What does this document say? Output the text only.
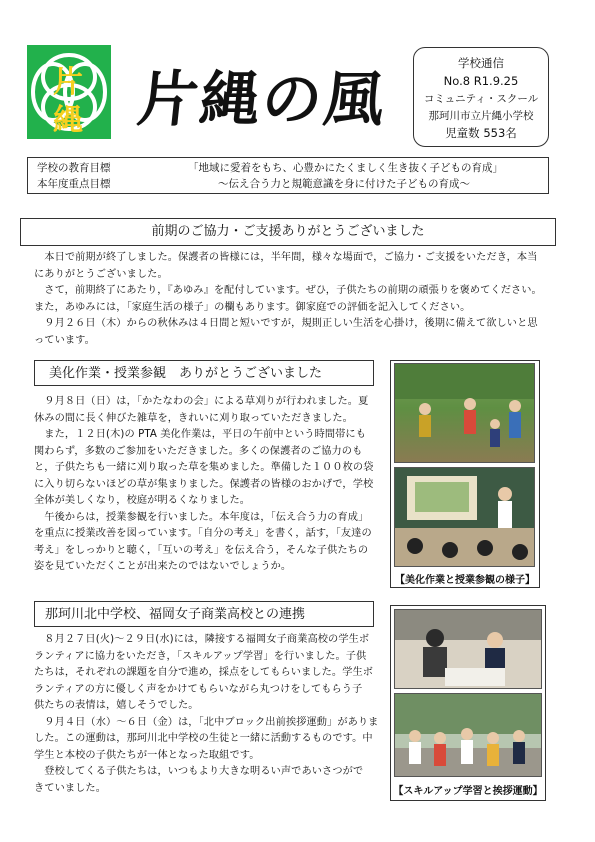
片
縄 片縄の風
学校通信
No.8 R1.9.25
コミュニティ・スクール
那珂川市立片縄小学校
児童数 553名
学校の教育目標	「地域に愛着をもち、心豊かにたくましく生き抜く子どもの育成」
本年度重点目標	～伝え合う力と規範意識を身に付けた子どもの育成～
前期のご協力・ご支援ありがとうございました
　本日で前期が終了しました。保護者の皆様には，半年間，様々な場面で，ご協力・ご支援をいただき，本当
にありがとうございました。
　さて，前期終了にあたり，『あゆみ』を配付しています。ぜひ，子供たちの前期の頑張りを褒めてください。
また，あゆみには，「家庭生活の様子」の欄もあります。御家庭での評価を記入してください。
　９月２６日（木）からの秋休みは４日間と短いですが，規則正しい生活を心掛け，後期に備えて欲しいと思
っています。
美化作業・授業参観　ありがとうございました
　９月８日（日）は，「かたなわの会」による草刈りが行われました。夏
休みの間に長く伸びた雑草を，きれいに刈り取っていただきました。
　また，１２日(木)の PTA 美化作業は，平日の午前中という時間帯にも
関わらず，多数のご参加をいただきました。多くの保護者のご協力のも
と，子供たちも一緒に刈り取った草を集めました。準備した１００枚の袋
に入り切らないほどの草が集まりました。保護者の皆様のおかげで，学校
全体が美しくなり，校庭が明るくなりました。
　午後からは，授業参観を行いました。本年度は，「伝え合う力の育成」
を重点に授業改善を図っています。「自分の考え」を書く，話す，「友達の
考え」をしっかりと聴く，「互いの考え」を伝え合う，そんな子供たちの
姿を見ていただくことが出来たのではないでしょうか。
【美化作業と授業参観の様子】
那珂川北中学校、福岡女子商業高校との連携
　８月２７日(火)～２９日(水)には，隣接する福岡女子商業高校の学生ボ
ランティアに協力をいただき，「スキルアップ学習」を行いました。子供
たちは，それぞれの課題を自分で進め，採点をしてもらいました。学生ボ
ランティアの方に優しく声をかけてもらいながら丸つけをしてもらう子
供たちの表情は，嬉しそうでした。
　９月４日（水）～６日（金）は，「北中ブロック出前挨拶運動」がありま
した。この運動は，那珂川北中学校の生徒と一緒に活動するものです。中
学生と本校の子供たちが一体となった取組です。
　登校してくる子供たちは，いつもより大きな明るい声であいさつがで
きていました。	【スキルアップ学習と挨拶運動】
